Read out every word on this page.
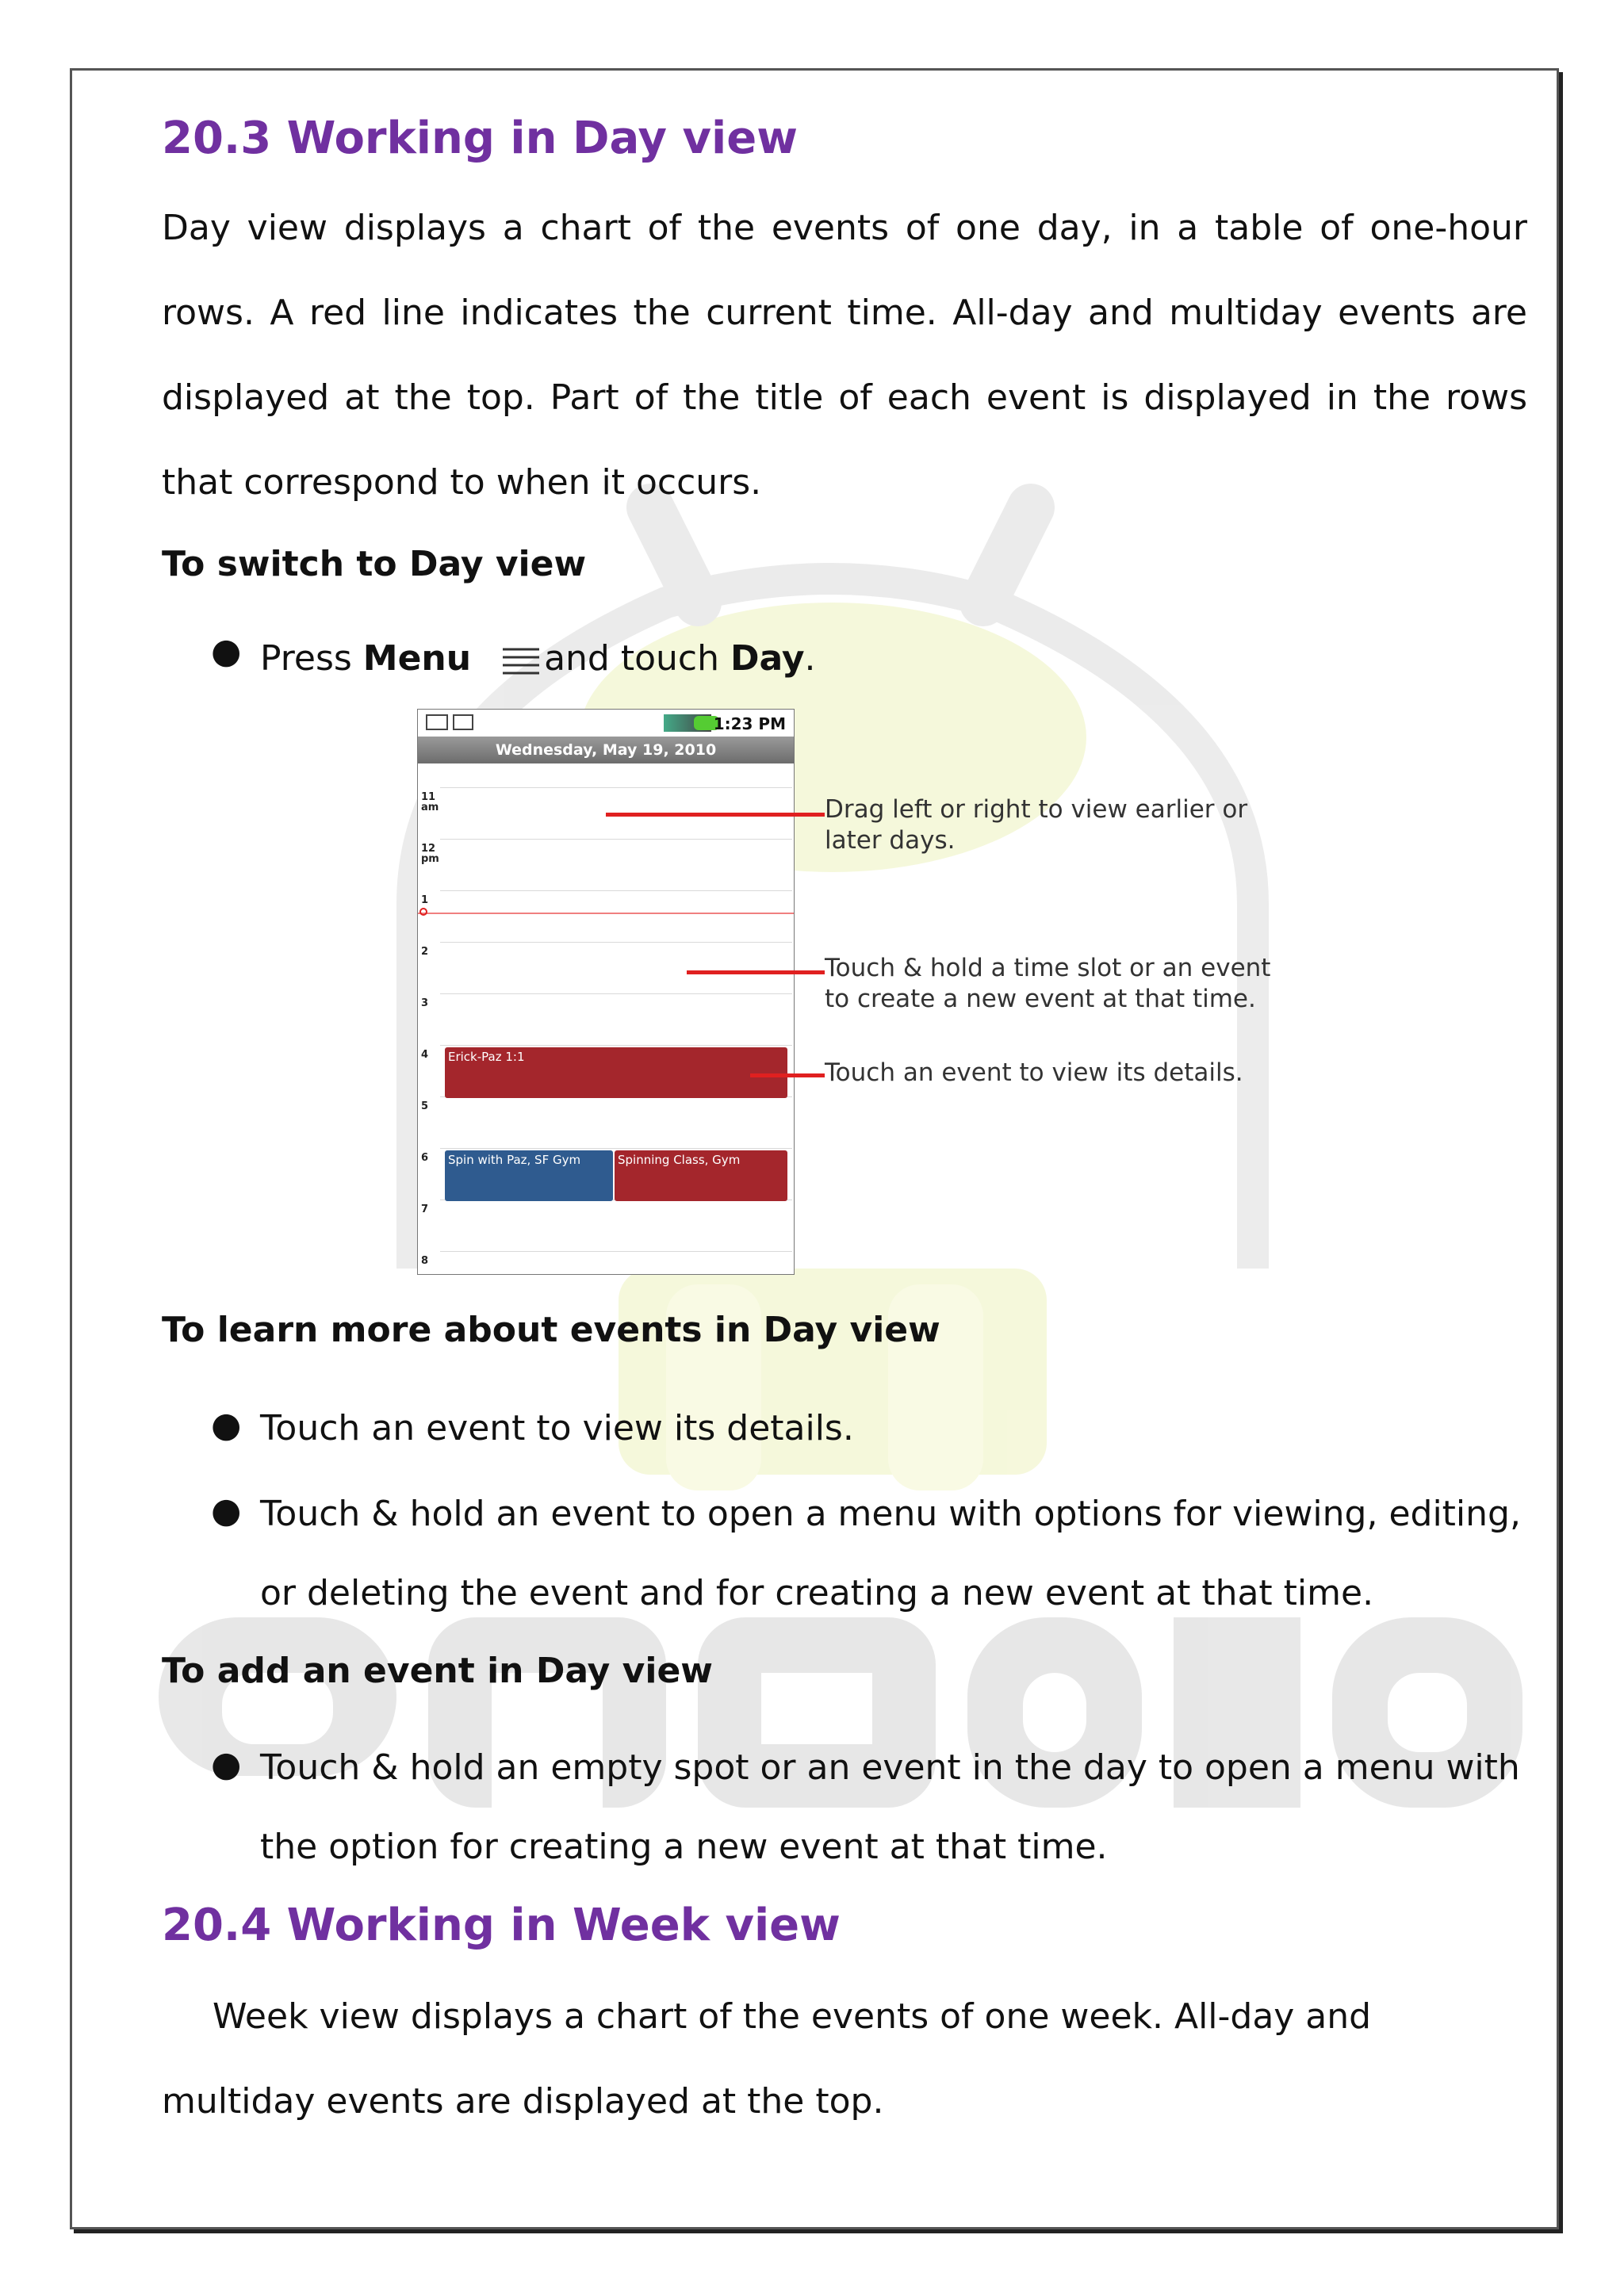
20.3 Working in Day view

Day view displays a chart of the events of one day, in a table of one-hour rows. A red line indicates the current time. All-day and multiday events are displayed at the top. Part of the title of each event is displayed in the rows that correspond to when it occurs.

To switch to Day view
● Press Menu and touch Day.

1:23 PM
Wednesday, May 19, 2010
11
am
12
pm
1
2
3
4
5
6
7
8
Erick-Paz 1:1
Spin with Paz, SF Gym	Spinning Class, Gym
Drag left or right to view earlier or later days.
Touch & hold a time slot or an event to create a new event at that time.
Touch an event to view its details.
To learn more about events in Day view
● Touch an event to view its details.

● Touch & hold an event to open a menu with options for viewing, editing, or deleting the event and for creating a new event at that time.

To add an event in Day view
● Touch & hold an empty spot or an event in the day to open a menu with the option for creating a new event at that time.

20.4 Working in Week view

Week view displays a chart of the events of one week. All-day and multiday events are displayed at the top.
